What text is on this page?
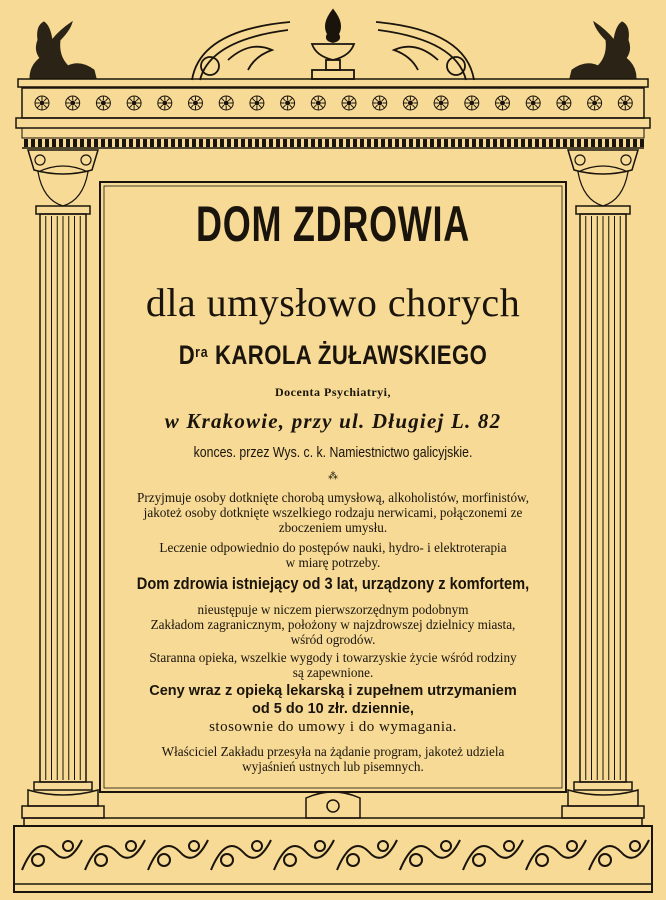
DOM ZDROWIA
dla umysłowo chorych
$D^{ra}$ KAROLA ŻUŁAWSKIEGO
Docenta Psychiatryi,
w Krakowie, przy ul. Długiej L. 82
konces. przez Wys. c. k. Namiestnictwo galicyjskie.
⁂
Przyjmuje osoby dotknięte chorobą umysłową, alkoholistów, morfinistów,
jakoteż osoby dotknięte wszelkiego rodzaju nerwicami, połączonemi ze
zboczeniem umysłu.
Leczenie odpowiednio do postępów nauki, hydro- i elektroterapia
w miarę potrzeby.
Dom zdrowia istniejący od 3 lat, urządzony z komfortem,
nieustępuje w niczem pierwszorzędnym podobnym
Zakładom zagranicznym, położony w najzdrowszej dzielnicy miasta,
wśród ogrodów.
Staranna opieka, wszelkie wygody i towarzyskie życie wśród rodziny
są zapewnione.
Ceny wraz z opieką lekarską i zupełnem utrzymaniem
od 5 do 10 złr. dziennie,
stosownie do umowy i do wymagania.
Właściciel Zakładu przesyła na żądanie program, jakoteż udziela
wyjaśnień ustnych lub pisemnych.
